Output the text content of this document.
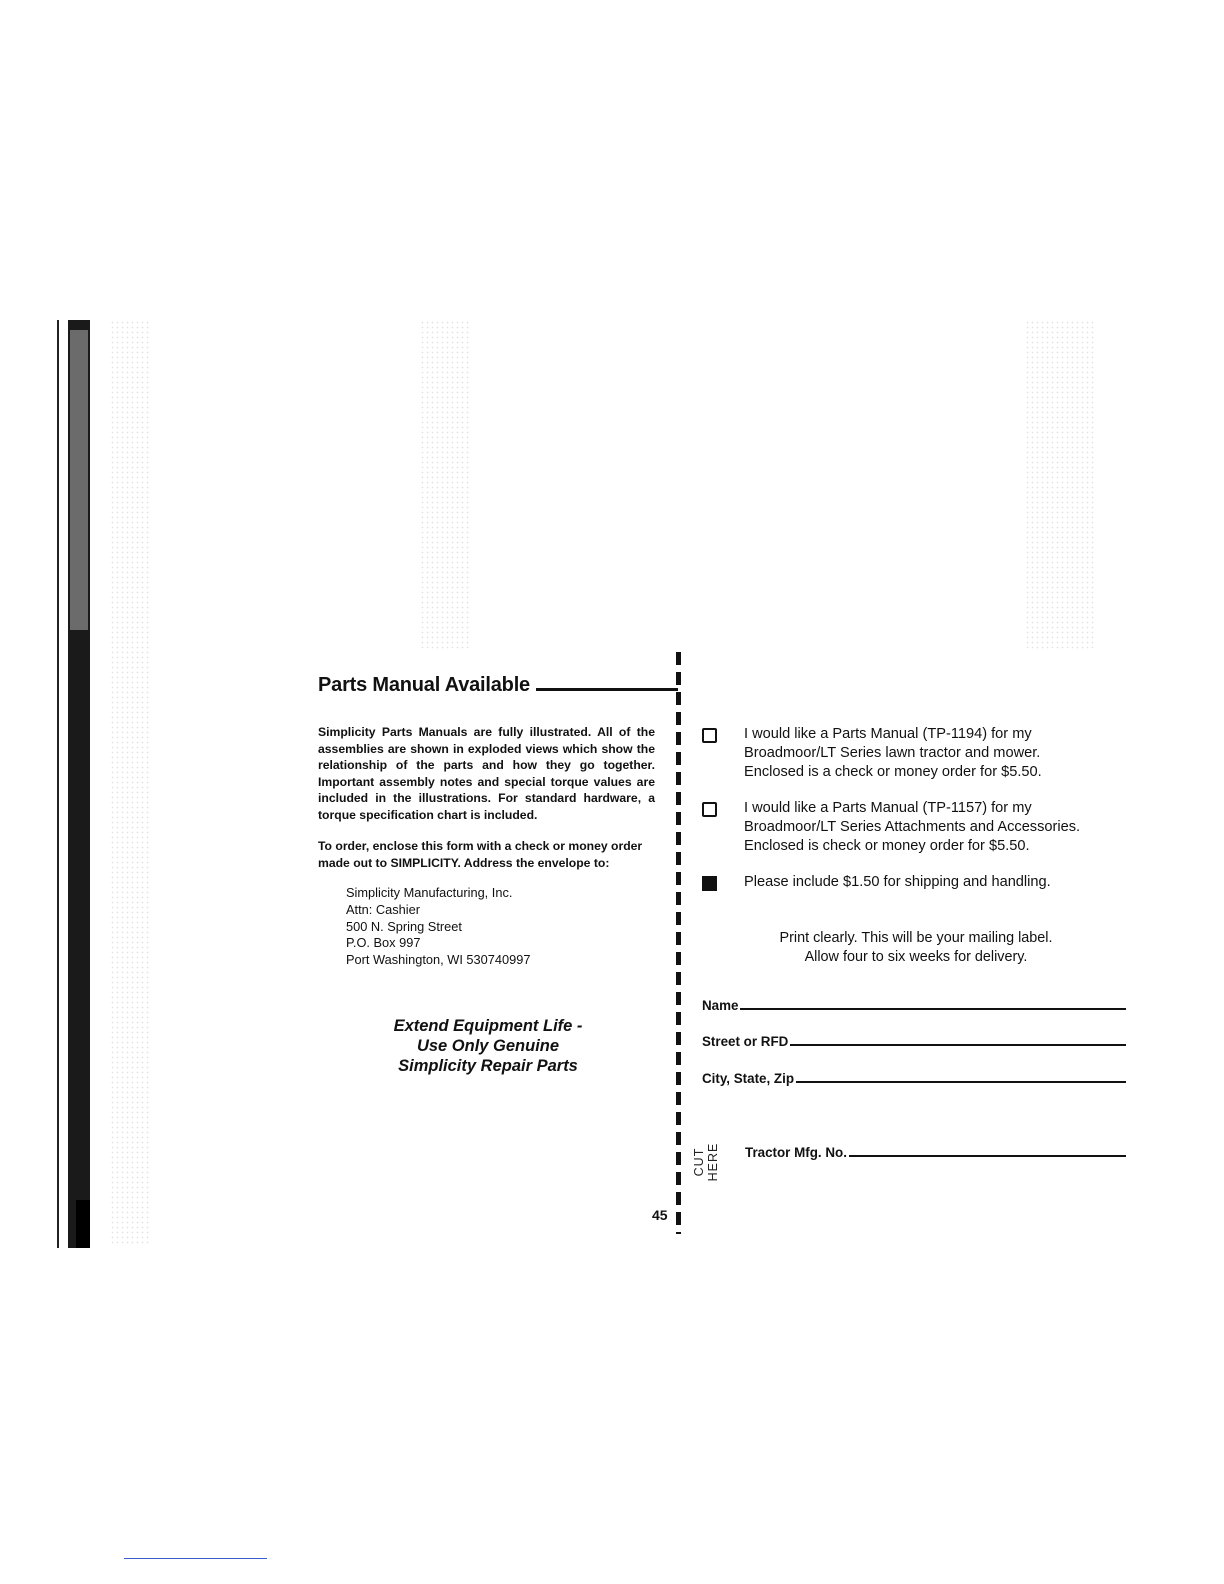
Parts Manual Available
Simplicity Parts Manuals are fully illustrated. All of the assemblies are shown in exploded views which show the relationship of the parts and how they go together. Important assembly notes and special torque values are included in the illustrations. For standard hardware, a torque specification chart is included.
To order, enclose this form with a check or money order made out to SIMPLICITY. Address the envelope to:
Simplicity Manufacturing, Inc.
Attn: Cashier
500 N. Spring Street
P.O. Box 997
Port Washington, WI 530740997
Extend Equipment Life -
Use Only Genuine
Simplicity Repair Parts
45
CUT HERE
I would like a Parts Manual (TP-1194) for my
Broadmoor/LT Series lawn tractor and mower.
Enclosed is a check or money order for $5.50.
I would like a Parts Manual (TP-1157) for my
Broadmoor/LT Series Attachments and Accessories.
Enclosed is check or money order for $5.50.
Please include $1.50 for shipping and handling.
Print clearly. This will be your mailing label.
Allow four to six weeks for delivery.
Name
Street or RFD
City, State, Zip
Tractor Mfg. No.
